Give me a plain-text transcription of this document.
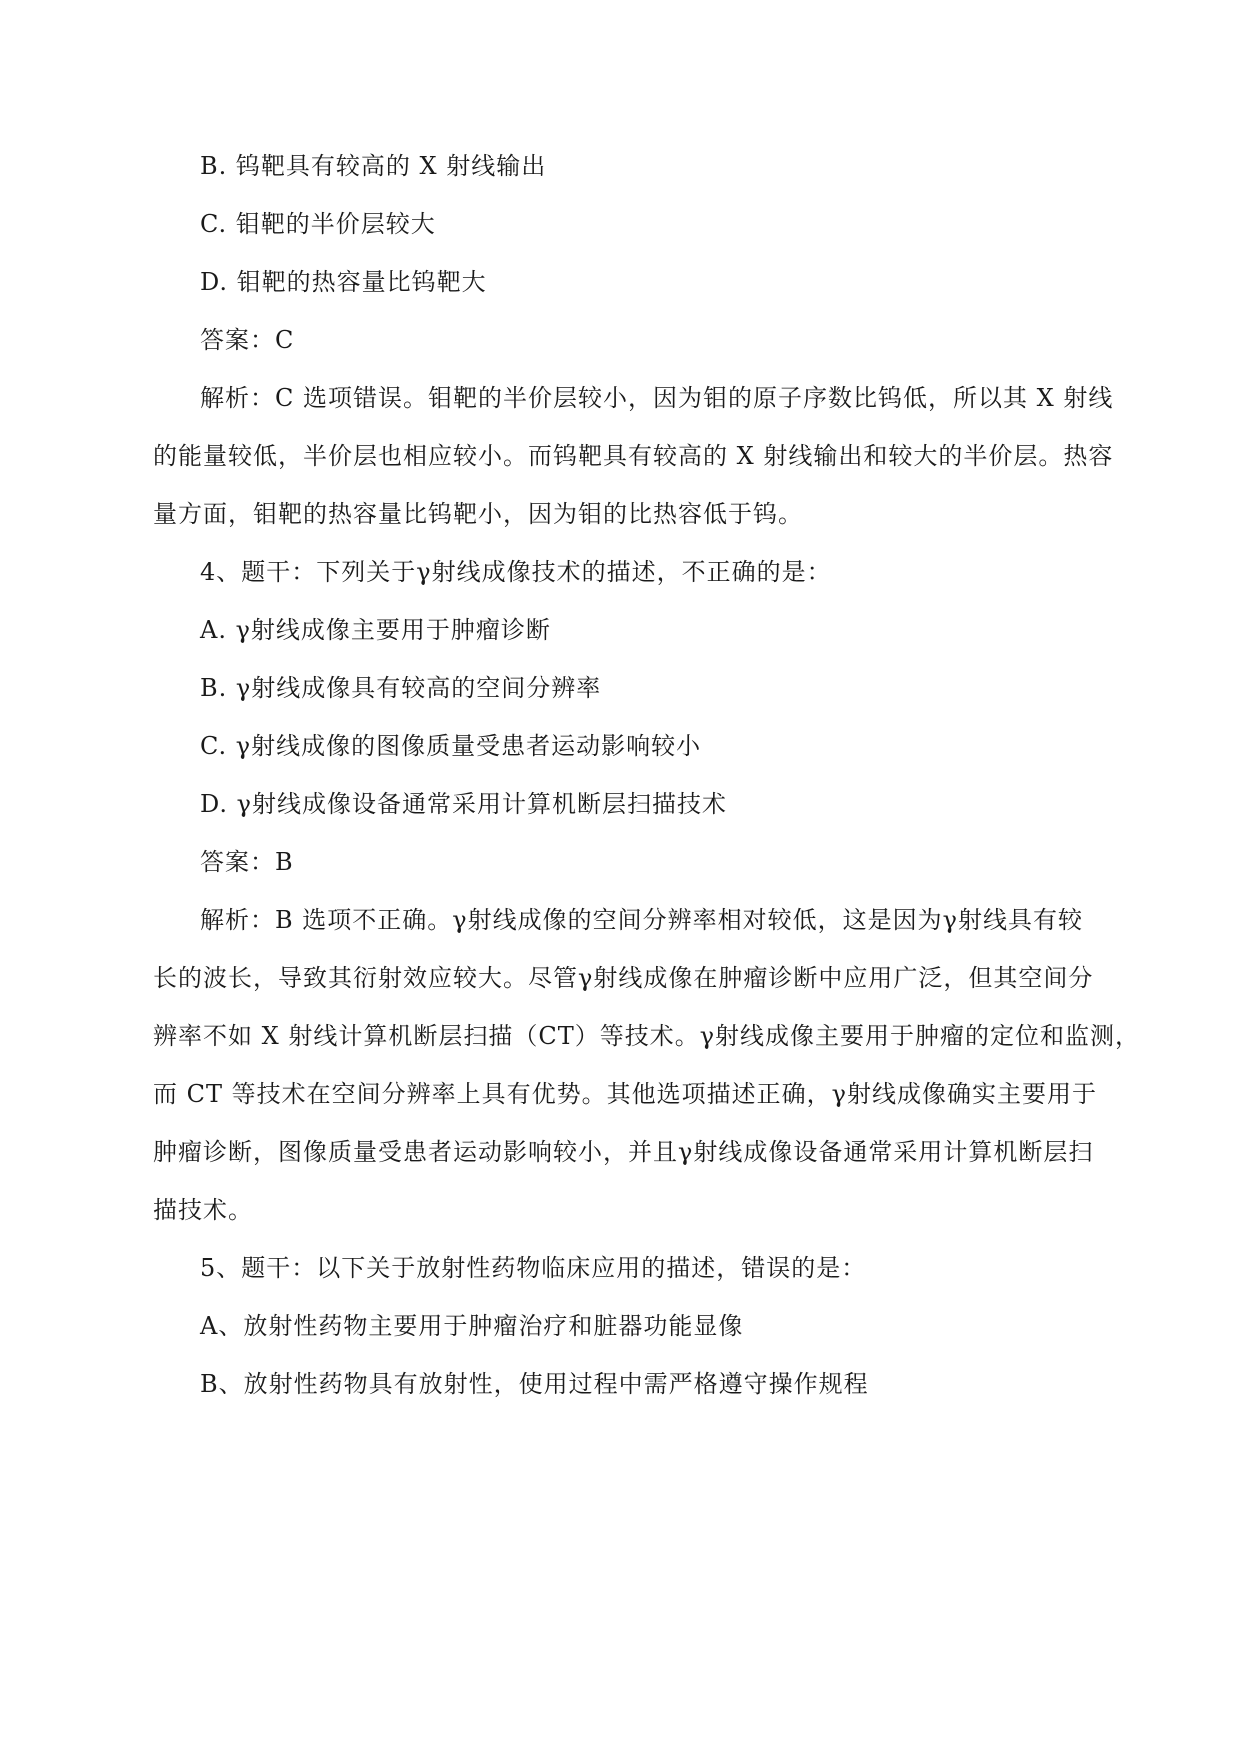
B. 钨靶具有较高的 X 射线输出
C. 钼靶的半价层较大
D. 钼靶的热容量比钨靶大
答案：C
解析：C 选项错误。钼靶的半价层较小，因为钼的原子序数比钨低，所以其 X 射线
的能量较低，半价层也相应较小。而钨靶具有较高的 X 射线输出和较大的半价层。热容
量方面，钼靶的热容量比钨靶小，因为钼的比热容低于钨。
4、题干：下列关于γ射线成像技术的描述，不正确的是：
A. γ射线成像主要用于肿瘤诊断
B. γ射线成像具有较高的空间分辨率
C. γ射线成像的图像质量受患者运动影响较小
D. γ射线成像设备通常采用计算机断层扫描技术
答案：B
解析：B 选项不正确。γ射线成像的空间分辨率相对较低，这是因为γ射线具有较
长的波长，导致其衍射效应较大。尽管γ射线成像在肿瘤诊断中应用广泛，但其空间分
辨率不如 X 射线计算机断层扫描（CT）等技术。γ射线成像主要用于肿瘤的定位和监测，
而 CT 等技术在空间分辨率上具有优势。其他选项描述正确，γ射线成像确实主要用于
肿瘤诊断，图像质量受患者运动影响较小，并且γ射线成像设备通常采用计算机断层扫
描技术。
5、题干：以下关于放射性药物临床应用的描述，错误的是：
A、放射性药物主要用于肿瘤治疗和脏器功能显像
B、放射性药物具有放射性，使用过程中需严格遵守操作规程
